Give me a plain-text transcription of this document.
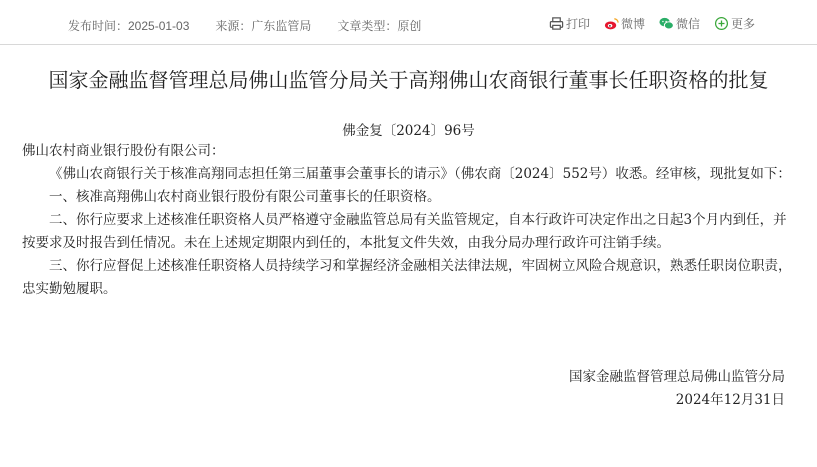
发布时间：2025-01-03 来源：广东监管局 文章类型：原创	打印	微博	微信	更多
国家金融监督管理总局佛山监管分局关于高翔佛山农商银行董事长任职资格的批复
佛金复〔2024〕96号

佛山农村商业银行股份有限公司：

《佛山农商银行关于核准高翔同志担任第三届董事会董事长的请示》（佛农商〔2024〕552号）收悉。经审核，现批复如下：

一、核准高翔佛山农村商业银行股份有限公司董事长的任职资格。

二、你行应要求上述核准任职资格人员严格遵守金融监管总局有关监管规定，自本行政许可决定作出之日起3个月内到任，并按要求及时报告到任情况。未在上述规定期限内到任的，本批复文件失效，由我分局办理行政许可注销手续。

三、你行应督促上述核准任职资格人员持续学习和掌握经济金融相关法律法规，牢固树立风险合规意识，熟悉任职岗位职责，忠实勤勉履职。

国家金融监督管理总局佛山监管分局
2024年12月31日
